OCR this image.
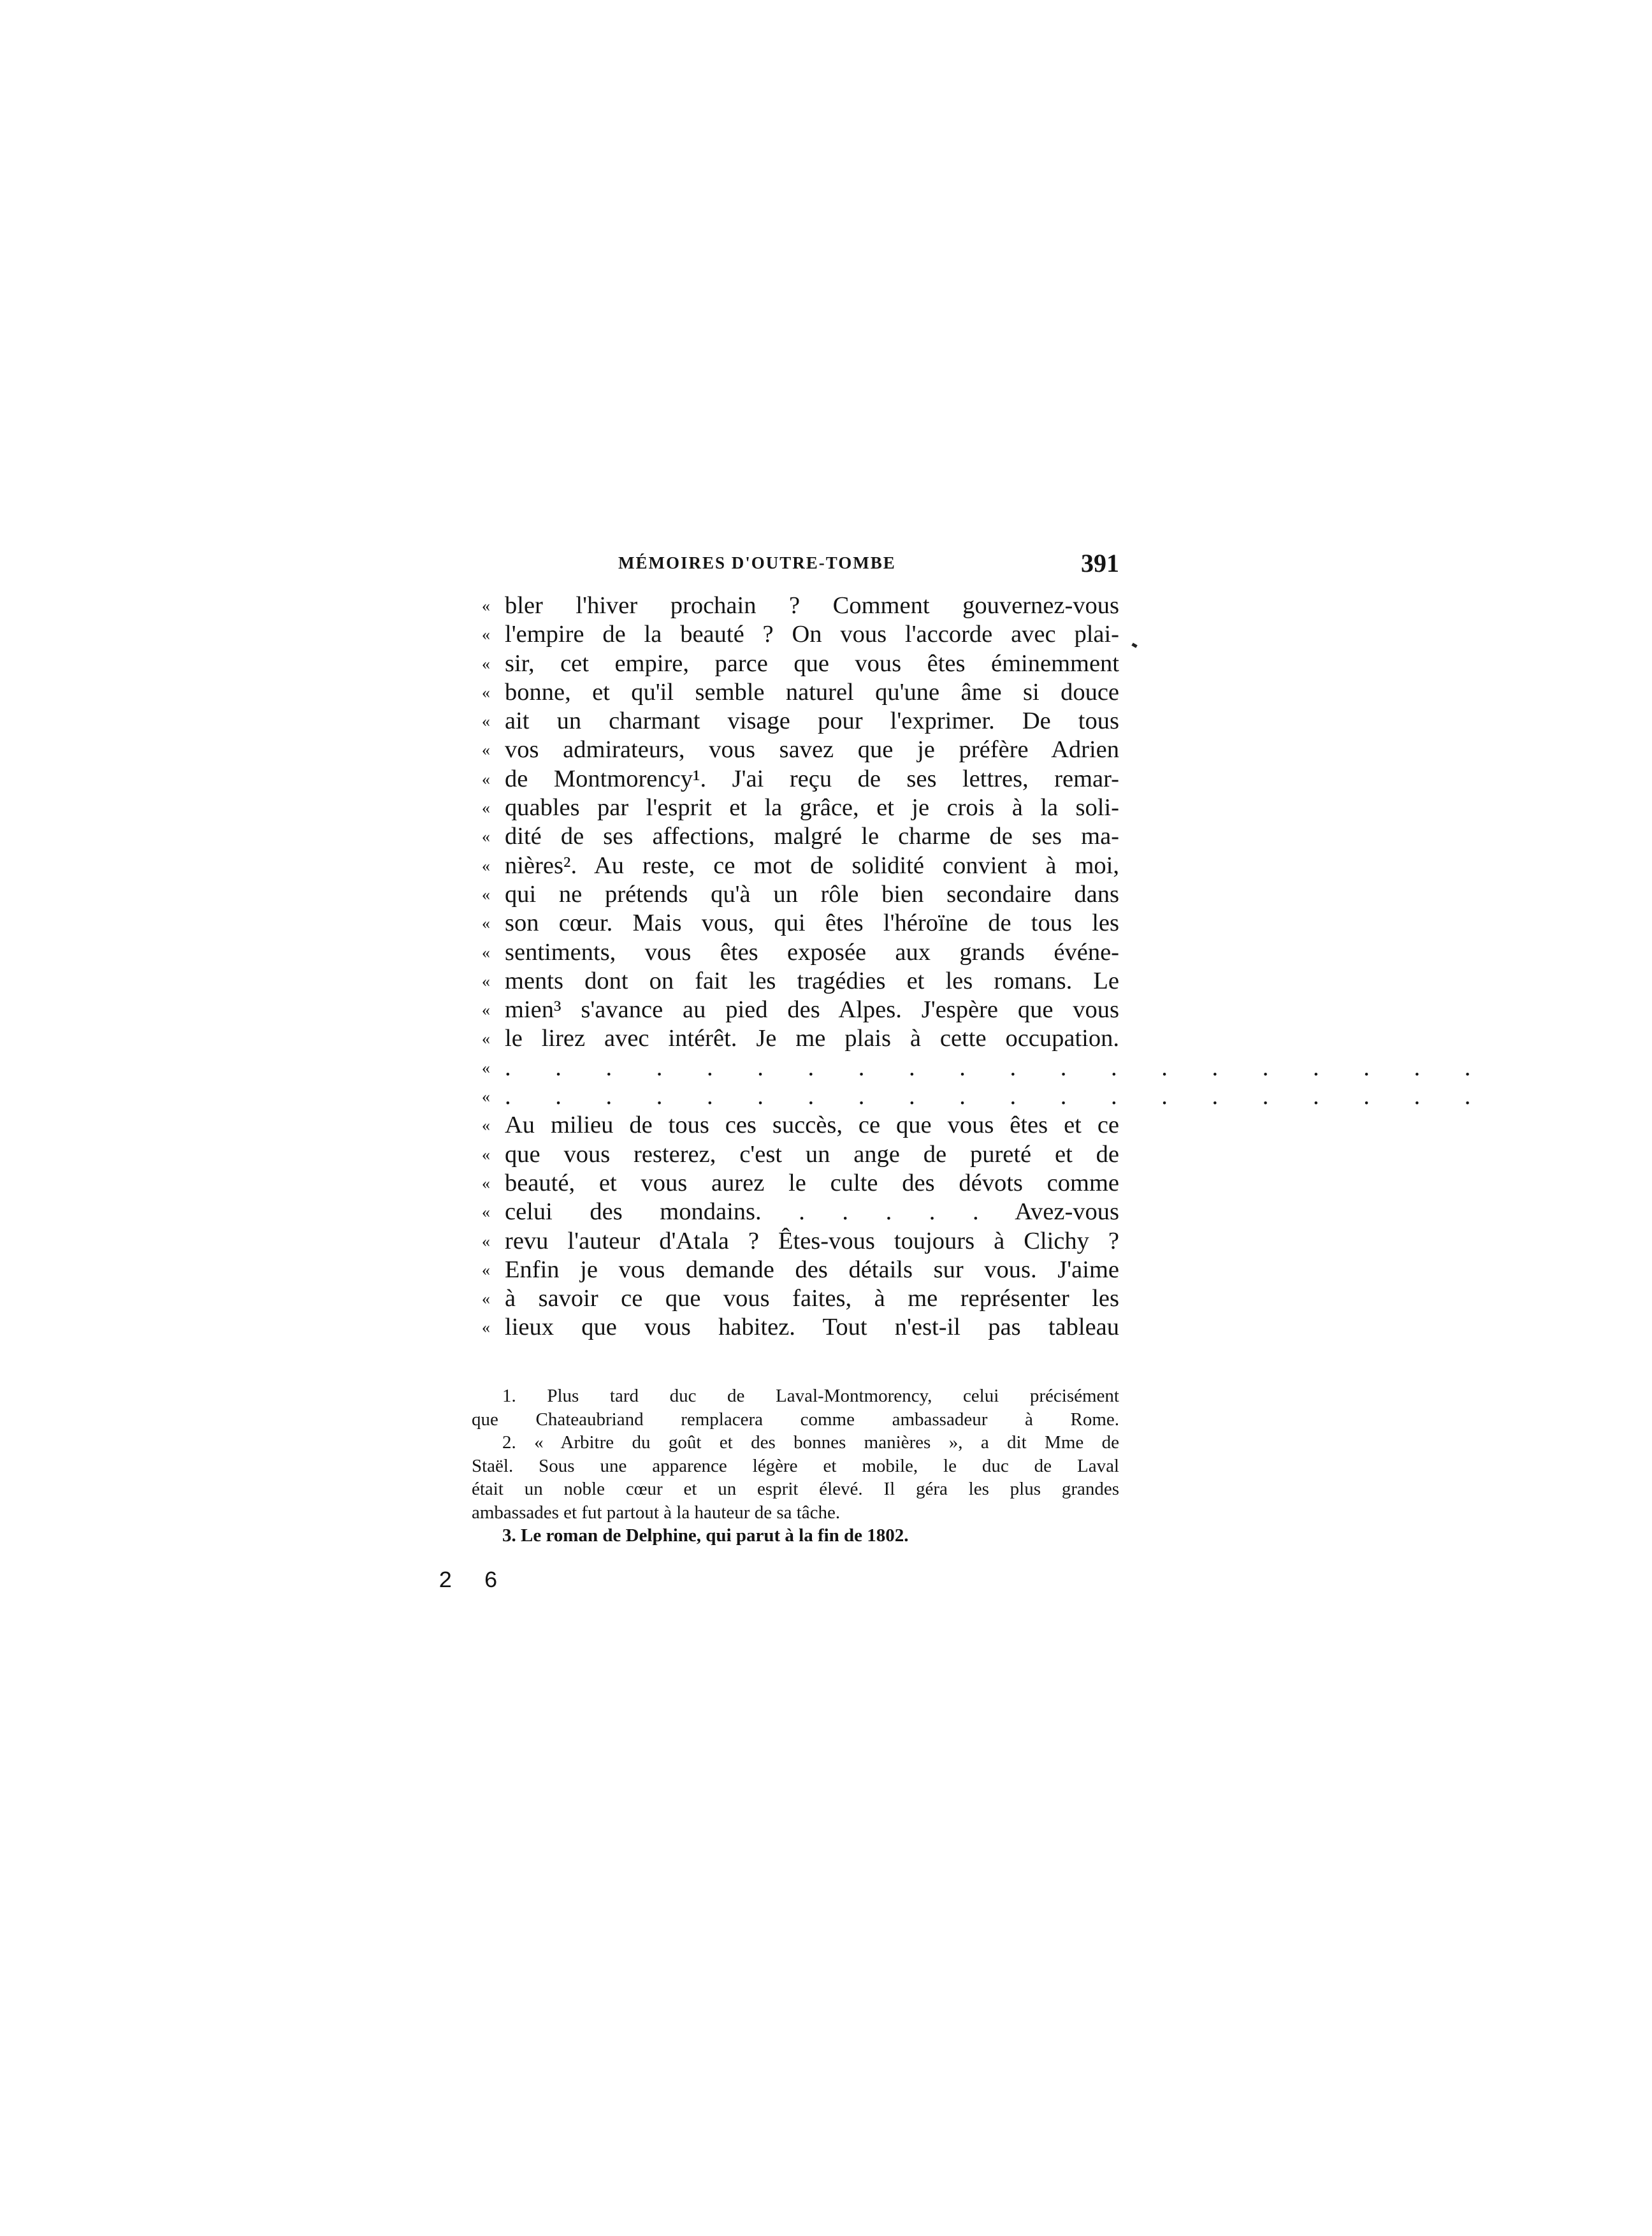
MÉMOIRES D'OUTRE-TOMBE	391
« bler l'hiver prochain ? Comment gouvernez-vous
« l'empire de la beauté ? On vous l'accorde avec plai-
« sir, cet empire, parce que vous êtes éminemment
« bonne, et qu'il semble naturel qu'une âme si douce
« ait un charmant visage pour l'exprimer. De tous
« vos admirateurs, vous savez que je préfère Adrien
« de Montmorency¹. J'ai reçu de ses lettres, remar-
« quables par l'esprit et la grâce, et je crois à la soli-
« dité de ses affections, malgré le charme de ses ma-
« nières². Au reste, ce mot de solidité convient à moi,
« qui ne prétends qu'à un rôle bien secondaire dans
« son cœur. Mais vous, qui êtes l'héroïne de tous les
« sentiments, vous êtes exposée aux grands événe-
« ments dont on fait les tragédies et les romans. Le
« mien³ s'avance au pied des Alpes. J'espère que vous
« le lirez avec intérêt. Je me plais à cette occupation.
« . . . . . . . . . . . . . . . . . . . .
« . . . . . . . . . . . . . . . . . . . .
« Au milieu de tous ces succès, ce que vous êtes et ce
« que vous resterez, c'est un ange de pureté et de
« beauté, et vous aurez le culte des dévots comme
« celui des mondains. . . . . . Avez-vous
« revu l'auteur d'Atala ? Êtes-vous toujours à Clichy ?
« Enfin je vous demande des détails sur vous. J'aime
« à savoir ce que vous faites, à me représenter les
« lieux que vous habitez. Tout n'est-il pas tableau
1. Plus tard duc de Laval-Montmorency, celui précisément
que Chateaubriand remplacera comme ambassadeur à Rome.
2. « Arbitre du goût et des bonnes manières », a dit Mme de
Staël. Sous une apparence légère et mobile, le duc de Laval
était un noble cœur et un esprit élevé. Il géra les plus grandes
ambassades et fut partout à la hauteur de sa tâche.
3. Le roman de Delphine, qui parut à la fin de 1802.
2 6
